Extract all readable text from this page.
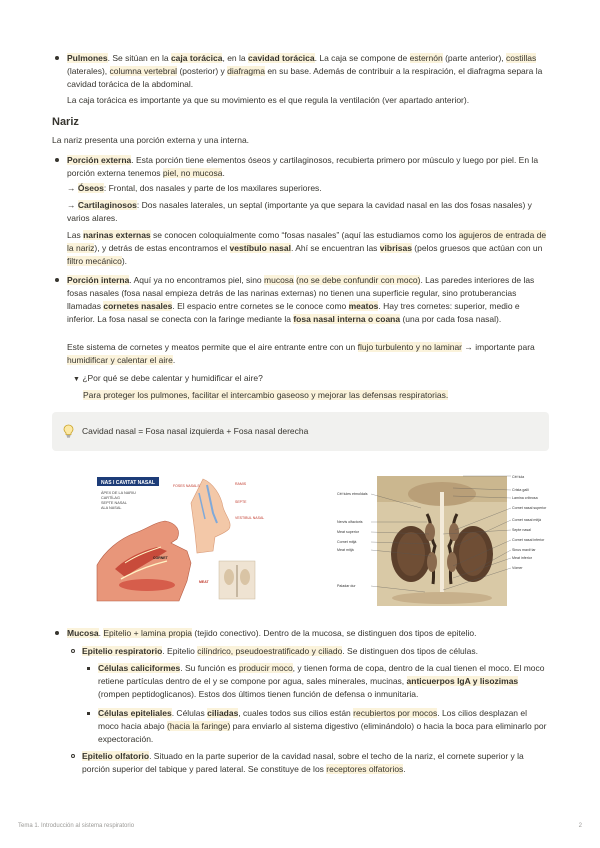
Pulmones. Se sitúan en la caja torácica, en la cavidad torácica. La caja se compone de esternón (parte anterior), costillas (laterales), columna vertebral (posterior) y diafragma en su base. Además de contribuir a la respiración, el diafragma separa la cavidad torácica de la abdominal.
La caja torácica es importante ya que su movimiento es el que regula la ventilación (ver apartado anterior).
Nariz
La nariz presenta una porción externa y una interna.
Porción externa. Esta porción tiene elementos óseos y cartilaginosos, recubierta primero por músculo y luego por piel. En la porción externa tenemos piel, no mucosa.
→ Óseos: Frontal, dos nasales y parte de los maxilares superiores.
→ Cartilaginosos: Dos nasales laterales, un septal (importante ya que separa la cavidad nasal en las dos fosas nasales) y varios alares.
Las narinas externas se conocen coloquialmente como “fosas nasales” (aquí las estudiamos como los agujeros de entrada de la nariz), y detrás de estas encontramos el vestíbulo nasal. Ahí se encuentran las vibrisas (pelos gruesos que actúan con un filtro mecánico).
Porción interna. Aquí ya no encontramos piel, sino mucosa (no se debe confundir con moco). Las paredes interiores de las fosas nasales (fosa nasal empieza detrás de las narinas externas) no tienen una superficie regular, sino protuberancias llamadas cornetes nasales. El espacio entre cornetes se le conoce como meatos. Hay tres cornetes: superior, medio e inferior. La fosa nasal se conecta con la faringe mediante la fosa nasal interna o coana (una por cada fosa nasal).
Este sistema de cornetes y meatos permite que el aire entrante entre con un flujo turbulento y no laminar → importante para humidificar y calentar el aire.
▼ ¿Por qué se debe calentar y humidificar el aire?
Para proteger los pulmones, facilitar el intercambio gaseoso y mejorar las defensas respiratorias.
Cavidad nasal = Fosa nasal izquierda + Fosa nasal derecha
NAS I CAVITAT NASAL
ÀPEX DE LA NARIU
CARTÍLAG
SEPTE NASAL
ALA NASAL
FOSES NASALS	RAMIS
SEPTE
VESTIBUL NASAL
CORNET
MEAT
Cèl·lules etmoïdals
Nervis olfactoris
Meat superior
Cornet mitjà
Meat mitjà
Paladar dur
Cèl·lula
Crista galli
Lamina cribrosa
Cornet nasal superior
Cornet nasal mitjà
Septe nasal
Cornet nasal inferior
Sinus maxil·lar
Meat inferior
Vòmer
Mucosa. Epitelio + lamina propia (tejido conectivo). Dentro de la mucosa, se distinguen dos tipos de epitelio.
Epitelio respiratorio. Epitelio cilíndrico, pseudoestratificado y ciliado. Se distinguen dos tipos de células.
Células caliciformes. Su función es producir moco, y tienen forma de copa, dentro de la cual tienen el moco. El moco retiene partículas dentro de el y se compone por agua, sales minerales, mucinas, anticuerpos IgA y lisozimas (rompen peptidoglicanos). Estos dos últimos tienen función de defensa o inmunitaria.
Células epiteliales. Células ciliadas, cuales todos sus cilios están recubiertos por mocos. Los cilios desplazan el moco hacia abajo (hacia la faringe) para enviarlo al sistema digestivo (eliminándolo) o hacia la boca para eliminarlo por expectoración.
Epitelio olfatorio. Situado en la parte superior de la cavidad nasal, sobre el techo de la nariz, el cornete superior y la porción superior del tabique y pared lateral. Se constituye de los receptores olfatorios.
Tema 1. Introducción al sistema respiratorio	2
